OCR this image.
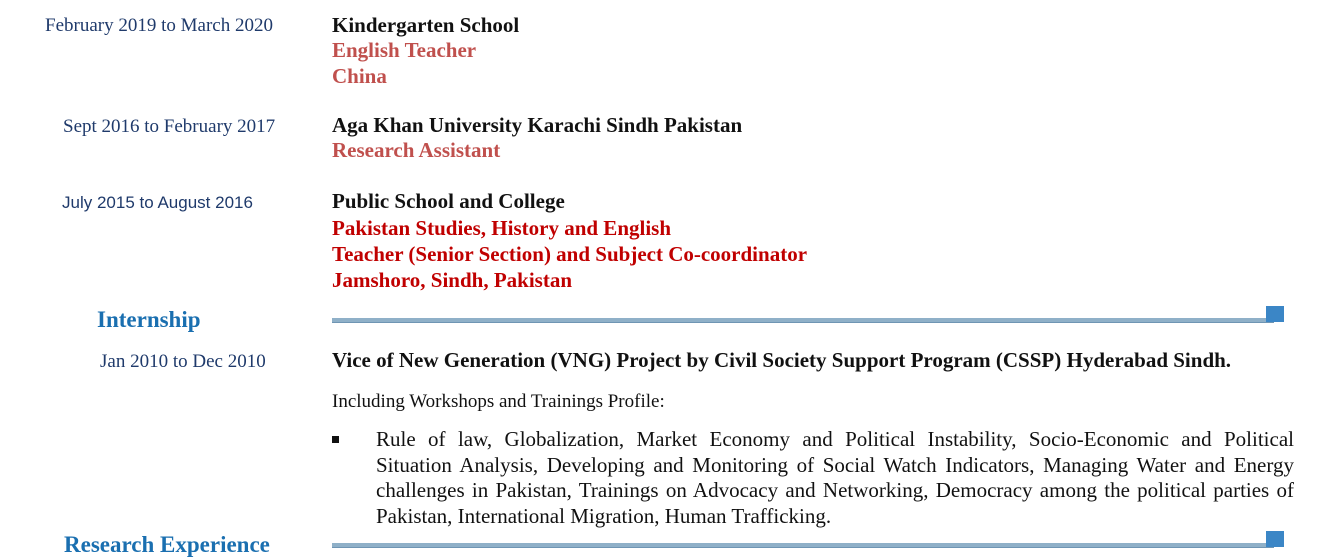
February 2019 to March 2020	Kindergarten School
English Teacher
China
Sept 2016 to February 2017	Aga Khan University Karachi Sindh Pakistan
Research Assistant
July 2015 to August 2016	Public School and College
Pakistan Studies, History and English
Teacher (Senior Section) and Subject Co-coordinator
Jamshoro, Sindh, Pakistan
Internship
Jan 2010 to Dec 2010	Vice of New Generation (VNG) Project by Civil Society Support Program (CSSP) Hyderabad Sindh.
Including Workshops and Trainings Profile:
Rule of law, Globalization, Market Economy and Political Instability, Socio-Economic and Political Situation Analysis, Developing and Monitoring of Social Watch Indicators, Managing Water and Energy challenges in Pakistan, Trainings on Advocacy and Networking, Democracy among the political parties of Pakistan, International Migration, Human Trafficking.
Research Experience
